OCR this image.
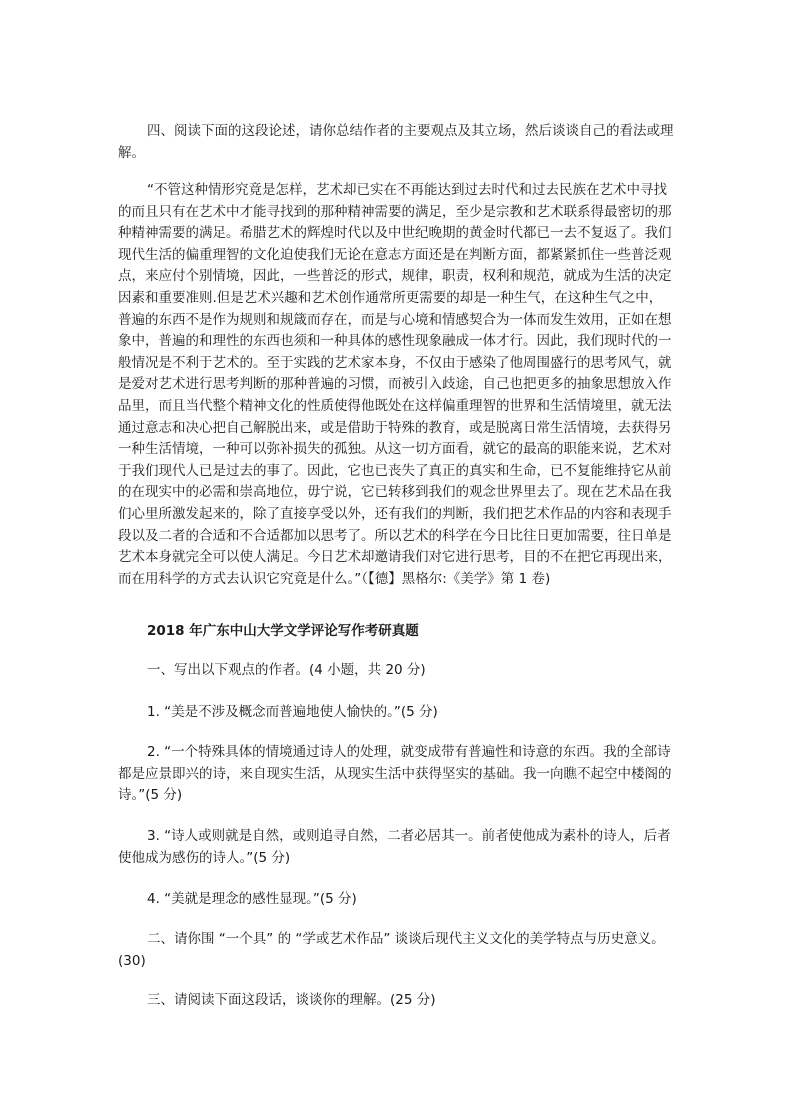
四、阅读下面的这段论述，请你总结作者的主要观点及其立场，然后谈谈自己的看法或理解。

“不管这种情形究竟是怎样，艺术却已实在不再能达到过去时代和过去民族在艺术中寻找的而且只有在艺术中才能寻找到的那种精神需要的满足，至少是宗教和艺术联系得最密切的那种精神需要的满足。希腊艺术的辉煌时代以及中世纪晚期的黄金时代都已一去不复返了。我们现代生活的偏重理智的文化迫使我们无论在意志方面还是在判断方面，都紧紧抓住一些普泛观点，来应付个别情境，因此，一些普泛的形式，规律，职责，权利和规范，就成为生活的决定因素和重要准则.但是艺术兴趣和艺术创作通常所更需要的却是一种生气，在这种生气之中，普遍的东西不是作为规则和规箴而存在，而是与心境和情感契合为一体而发生效用，正如在想象中，普遍的和理性的东西也须和一种具体的感性现象融成一体才行。因此，我们现时代的一般情况是不利于艺术的。至于实践的艺术家本身，不仅由于感染了他周围盛行的思考风气，就是爱对艺术进行思考判断的那种普遍的习惯，而被引入歧途，自己也把更多的抽象思想放入作品里，而且当代整个精神文化的性质使得他既处在这样偏重理智的世界和生活情境里，就无法通过意志和决心把自己解脱出来，或是借助于特殊的教育，或是脱离日常生活情境，去获得另一种生活情境，一种可以弥补损失的孤独。从这一切方面看，就它的最高的职能来说，艺术对于我们现代人已是过去的事了。因此，它也已丧失了真正的真实和生命，已不复能维持它从前的在现实中的必需和崇高地位，毋宁说，它已转移到我们的观念世界里去了。现在艺术品在我们心里所激发起来的，除了直接享受以外，还有我们的判断，我们把艺术作品的内容和表现手段以及二者的合适和不合适都加以思考了。所以艺术的科学在今日比往日更加需要，往日单是艺术本身就完全可以使人满足。今日艺术却邀请我们对它进行思考，目的不在把它再现出来，而在用科学的方式去认识它究竟是什么。”（【德】黑格尔:《美学》第 1 卷)

2018 年广东中山大学文学评论写作考研真题

一、写出以下观点的作者。(4 小题，共 20 分)

1. “美是不涉及概念而普遍地使人愉快的。”(5 分)

2. “一个特殊具体的情境通过诗人的处理，就变成带有普遍性和诗意的东西。我的全部诗都是应景即兴的诗，来自现实生活，从现实生活中获得坚实的基础。我一向瞧不起空中楼阁的诗。”(5 分)

3. “诗人或则就是自然，或则追寻自然，二者必居其一。前者使他成为素朴的诗人，后者使他成为感伤的诗人。”(5 分)

4. “美就是理念的感性显现。”(5 分)

二、请你围 “一个具” 的 “学或艺术作品” 谈谈后现代主义文化的美学特点与历史意义。(30)

三、请阅读下面这段话，谈谈你的理解。(25 分)
